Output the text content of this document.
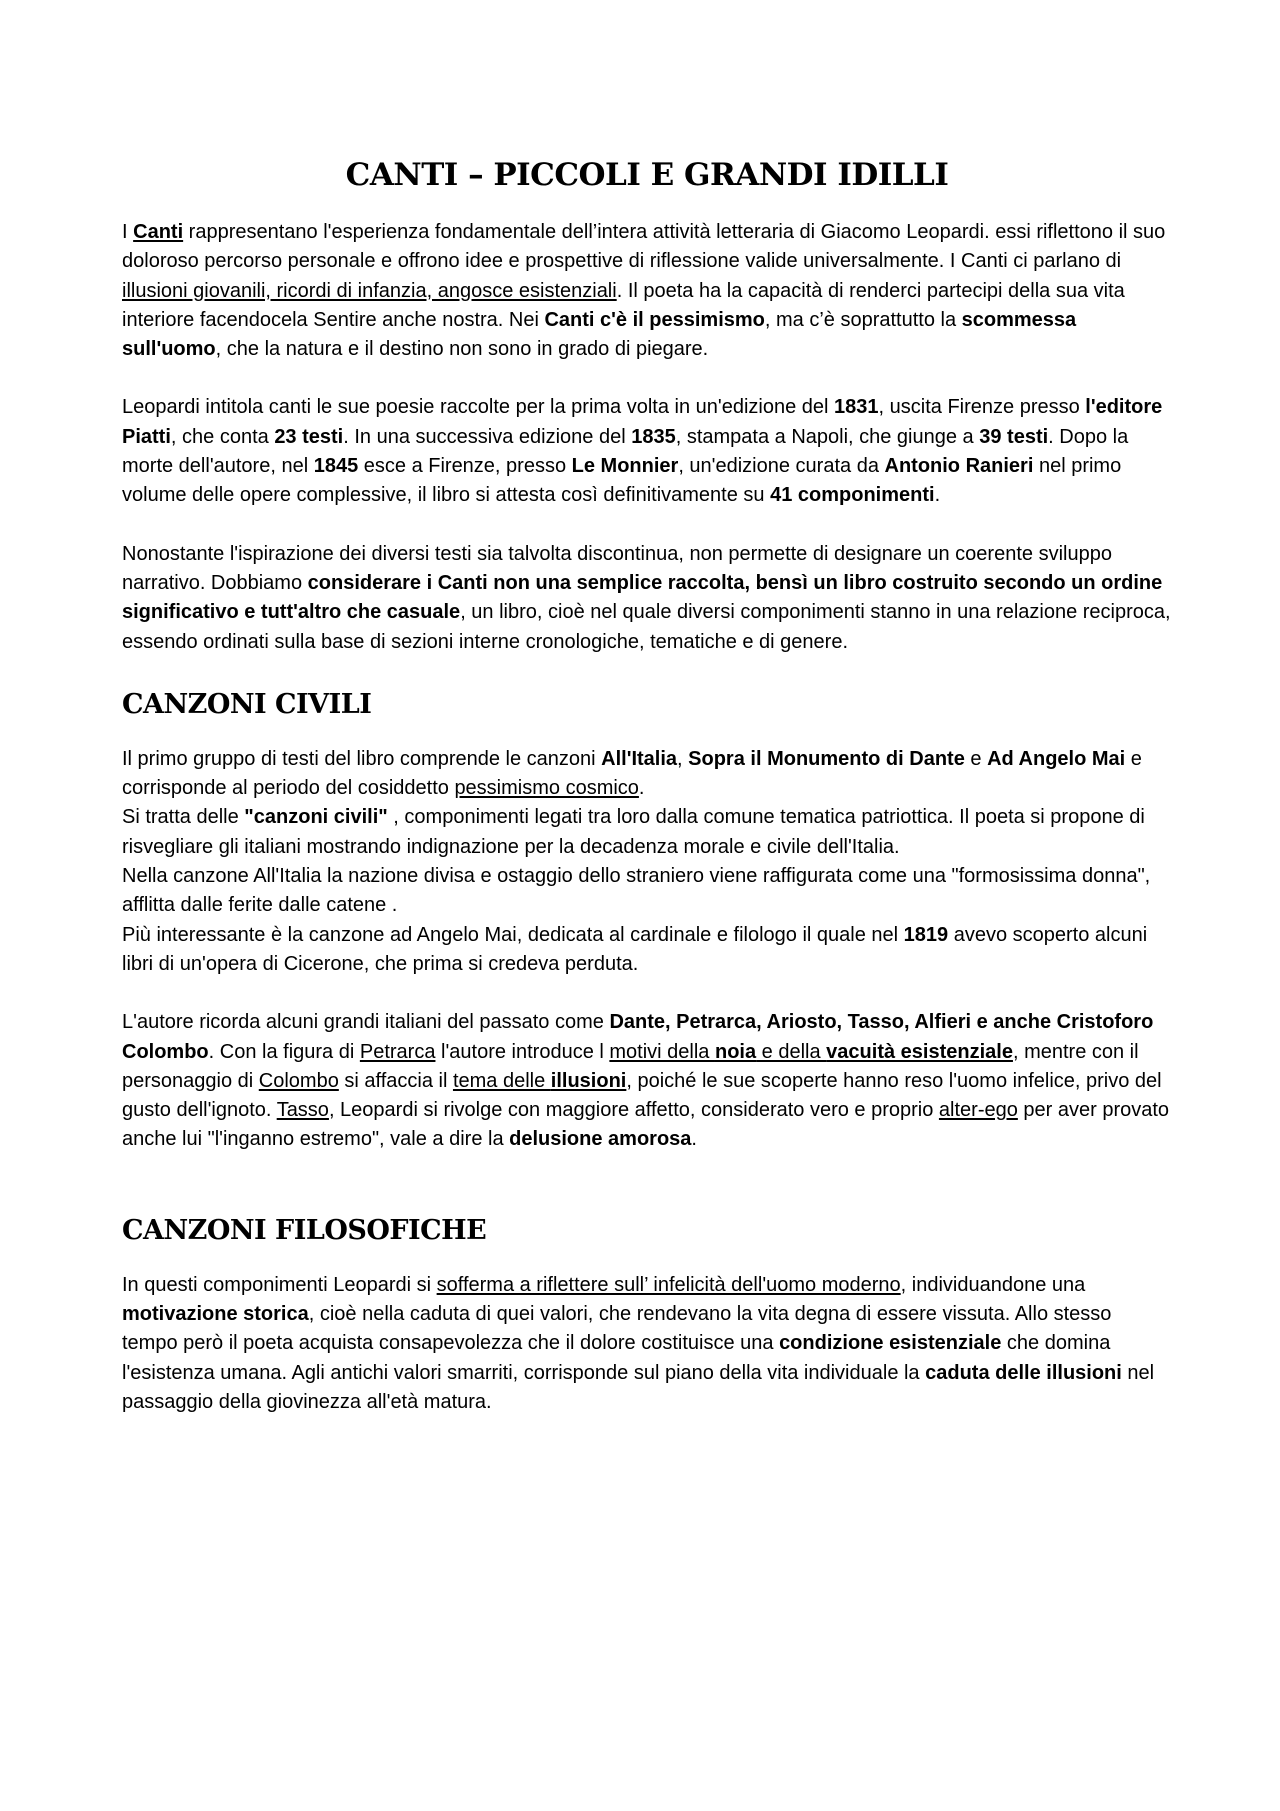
CANTI – PICCOLI E GRANDI IDILLI

I Canti rappresentano l'esperienza fondamentale dell’intera attività letteraria di Giacomo Leopardi. essi riflettono il suo doloroso percorso personale e offrono idee e prospettive di riflessione valide universalmente. I Canti ci parlano di illusioni giovanili, ricordi di infanzia, angosce esistenziali. Il poeta ha la capacità di renderci partecipi della sua vita interiore facendocela Sentire anche nostra. Nei Canti c'è il pessimismo, ma c’è soprattutto la scommessa sull'uomo, che la natura e il destino non sono in grado di piegare.

Leopardi intitola canti le sue poesie raccolte per la prima volta in un'edizione del 1831, uscita Firenze presso l'editore Piatti, che conta 23 testi. In una successiva edizione del 1835, stampata a Napoli, che giunge a 39 testi. Dopo la morte dell'autore, nel 1845 esce a Firenze, presso Le Monnier, un'edizione curata da Antonio Ranieri nel primo volume delle opere complessive, il libro si attesta così definitivamente su 41 componimenti.

Nonostante l'ispirazione dei diversi testi sia talvolta discontinua, non permette di designare un coerente sviluppo narrativo. Dobbiamo considerare i Canti non una semplice raccolta, bensì un libro costruito secondo un ordine significativo e tutt'altro che casuale, un libro, cioè nel quale diversi componimenti stanno in una relazione reciproca, essendo ordinati sulla base di sezioni interne cronologiche, tematiche e di genere.

CANZONI CIVILI

Il primo gruppo di testi del libro comprende le canzoni All'Italia, Sopra il Monumento di Dante e Ad Angelo Mai e corrisponde al periodo del cosiddetto pessimismo cosmico.

Si tratta delle "canzoni civili" , componimenti legati tra loro dalla comune tematica patriottica. Il poeta si propone di risvegliare gli italiani mostrando indignazione per la decadenza morale e civile dell'Italia.

Nella canzone All'Italia la nazione divisa e ostaggio dello straniero viene raffigurata come una "formosissima donna", afflitta dalle ferite dalle catene .

Più interessante è la canzone ad Angelo Mai, dedicata al cardinale e filologo il quale nel 1819 avevo scoperto alcuni libri di un'opera di Cicerone, che prima si credeva perduta.

L'autore ricorda alcuni grandi italiani del passato come Dante, Petrarca, Ariosto, Tasso, Alfieri e anche Cristoforo Colombo. Con la figura di Petrarca l'autore introduce l motivi della noia e della vacuità esistenziale, mentre con il personaggio di Colombo si affaccia il tema delle illusioni, poiché le sue scoperte hanno reso l'uomo infelice, privo del gusto dell'ignoto. Tasso, Leopardi si rivolge con maggiore affetto, considerato vero e proprio alter-ego per aver provato anche lui "l'inganno estremo", vale a dire la delusione amorosa.

CANZONI FILOSOFICHE

In questi componimenti Leopardi si sofferma a riflettere sull’ infelicità dell'uomo moderno, individuandone una motivazione storica, cioè nella caduta di quei valori, che rendevano la vita degna di essere vissuta. Allo stesso tempo però il poeta acquista consapevolezza che il dolore costituisce una condizione esistenziale che domina l'esistenza umana. Agli antichi valori smarriti, corrisponde sul piano della vita individuale la caduta delle illusioni nel passaggio della giovinezza all'età matura.
